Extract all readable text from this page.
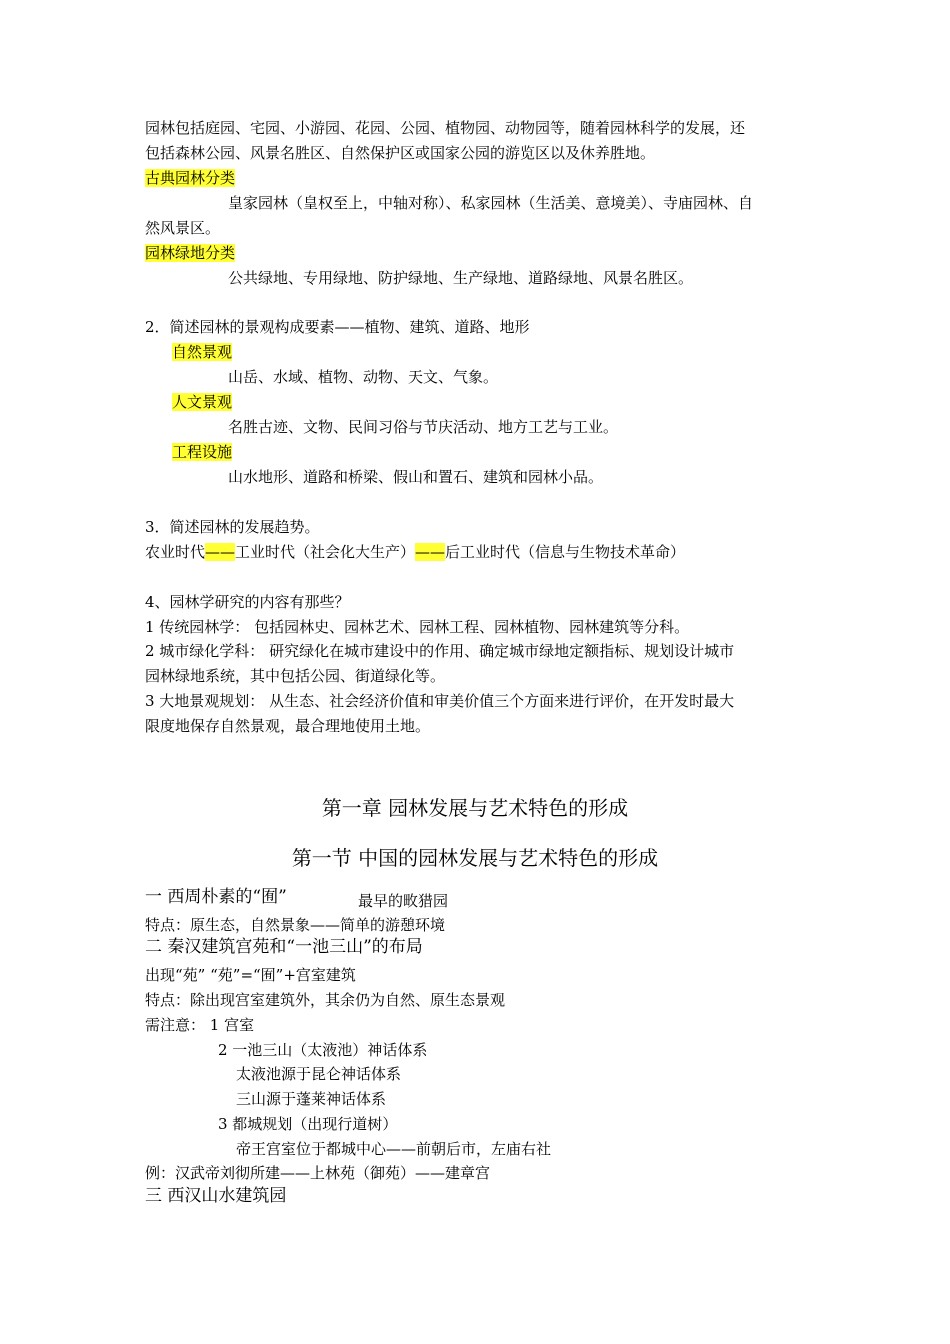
园林包括庭园、宅园、小游园、花园、公园、植物园、动物园等，随着园林科学的发展，还
包括森林公园、风景名胜区、自然保护区或国家公园的游览区以及休养胜地。
古典园林分类
皇家园林（皇权至上，中轴对称）、私家园林（生活美、意境美）、寺庙园林、自
然风景区。
园林绿地分类
公共绿地、专用绿地、防护绿地、生产绿地、道路绿地、风景名胜区。
2．简述园林的景观构成要素——植物、建筑、道路、地形
自然景观
山岳、水域、植物、动物、天文、气象。
人文景观
名胜古迹、文物、民间习俗与节庆活动、地方工艺与工业。
工程设施
山水地形、道路和桥梁、假山和置石、建筑和园林小品。
3．简述园林的发展趋势。
农业时代——工业时代（社会化大生产）——后工业时代（信息与生物技术革命）
4、园林学研究的内容有那些？
1 传统园林学： 包括园林史、园林艺术、园林工程、园林植物、园林建筑等分科。
2 城市绿化学科： 研究绿化在城市建设中的作用、确定城市绿地定额指标、规划设计城市
园林绿地系统，其中包括公园、街道绿化等。
3 大地景观规划： 从生态、社会经济价值和审美价值三个方面来进行评价，在开发时最大
限度地保存自然景观，最合理地使用土地。
第一章 园林发展与艺术特色的形成
第一节 中国的园林发展与艺术特色的形成
一 西周朴素的“囿”	最早的畋猎园
特点：原生态，自然景象——简单的游憩环境
二 秦汉建筑宫苑和“一池三山”的布局
出现“苑” “苑”=“囿”+宫室建筑
特点：除出现宫室建筑外，其余仍为自然、原生态景观
需注意： 1 宫室
2 一池三山（太液池）神话体系
太液池源于昆仑神话体系
三山源于蓬莱神话体系
3 都城规划（出现行道树）
帝王宫室位于都城中心——前朝后市，左庙右社
例：汉武帝刘彻所建——上林苑（御苑）——建章宫
三 西汉山水建筑园
